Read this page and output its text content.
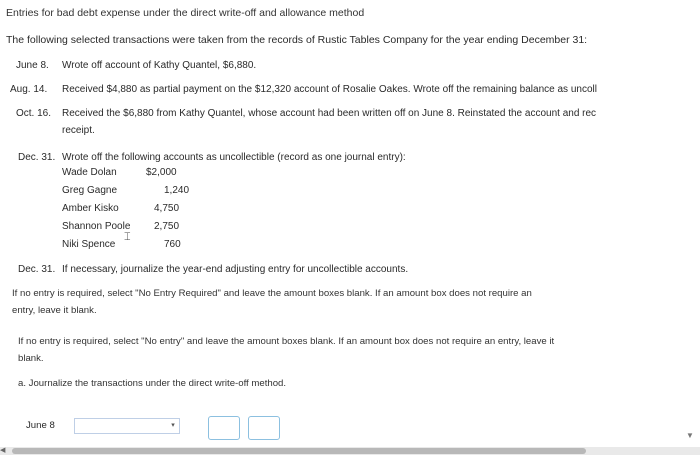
Entries for bad debt expense under the direct write-off and allowance method
The following selected transactions were taken from the records of Rustic Tables Company for the year ending December 31:
June 8. Wrote off account of Kathy Quantel, $6,880.
Aug. 14. Received $4,880 as partial payment on the $12,320 account of Rosalie Oakes. Wrote off the remaining balance as uncoll
Oct. 16. Received the $6,880 from Kathy Quantel, whose account had been written off on June 8. Reinstated the account and rec
receipt.
Dec. 31. Wrote off the following accounts as uncollectible (record as one journal entry):
Wade Dolan	$2,000
Greg Gagne	1,240
Amber Kisko	4,750
Shannon Poole 2,750
Niki Spence	760
⌶
Dec. 31. If necessary, journalize the year-end adjusting entry for uncollectible accounts.
If no entry is required, select "No Entry Required" and leave the amount boxes blank. If an amount box does not require an
entry, leave it blank.
If no entry is required, select "No entry" and leave the amount boxes blank. If an amount box does not require an entry, leave it
blank.
a. Journalize the transactions under the direct write-off method.
June 8	▾
▼
◀
